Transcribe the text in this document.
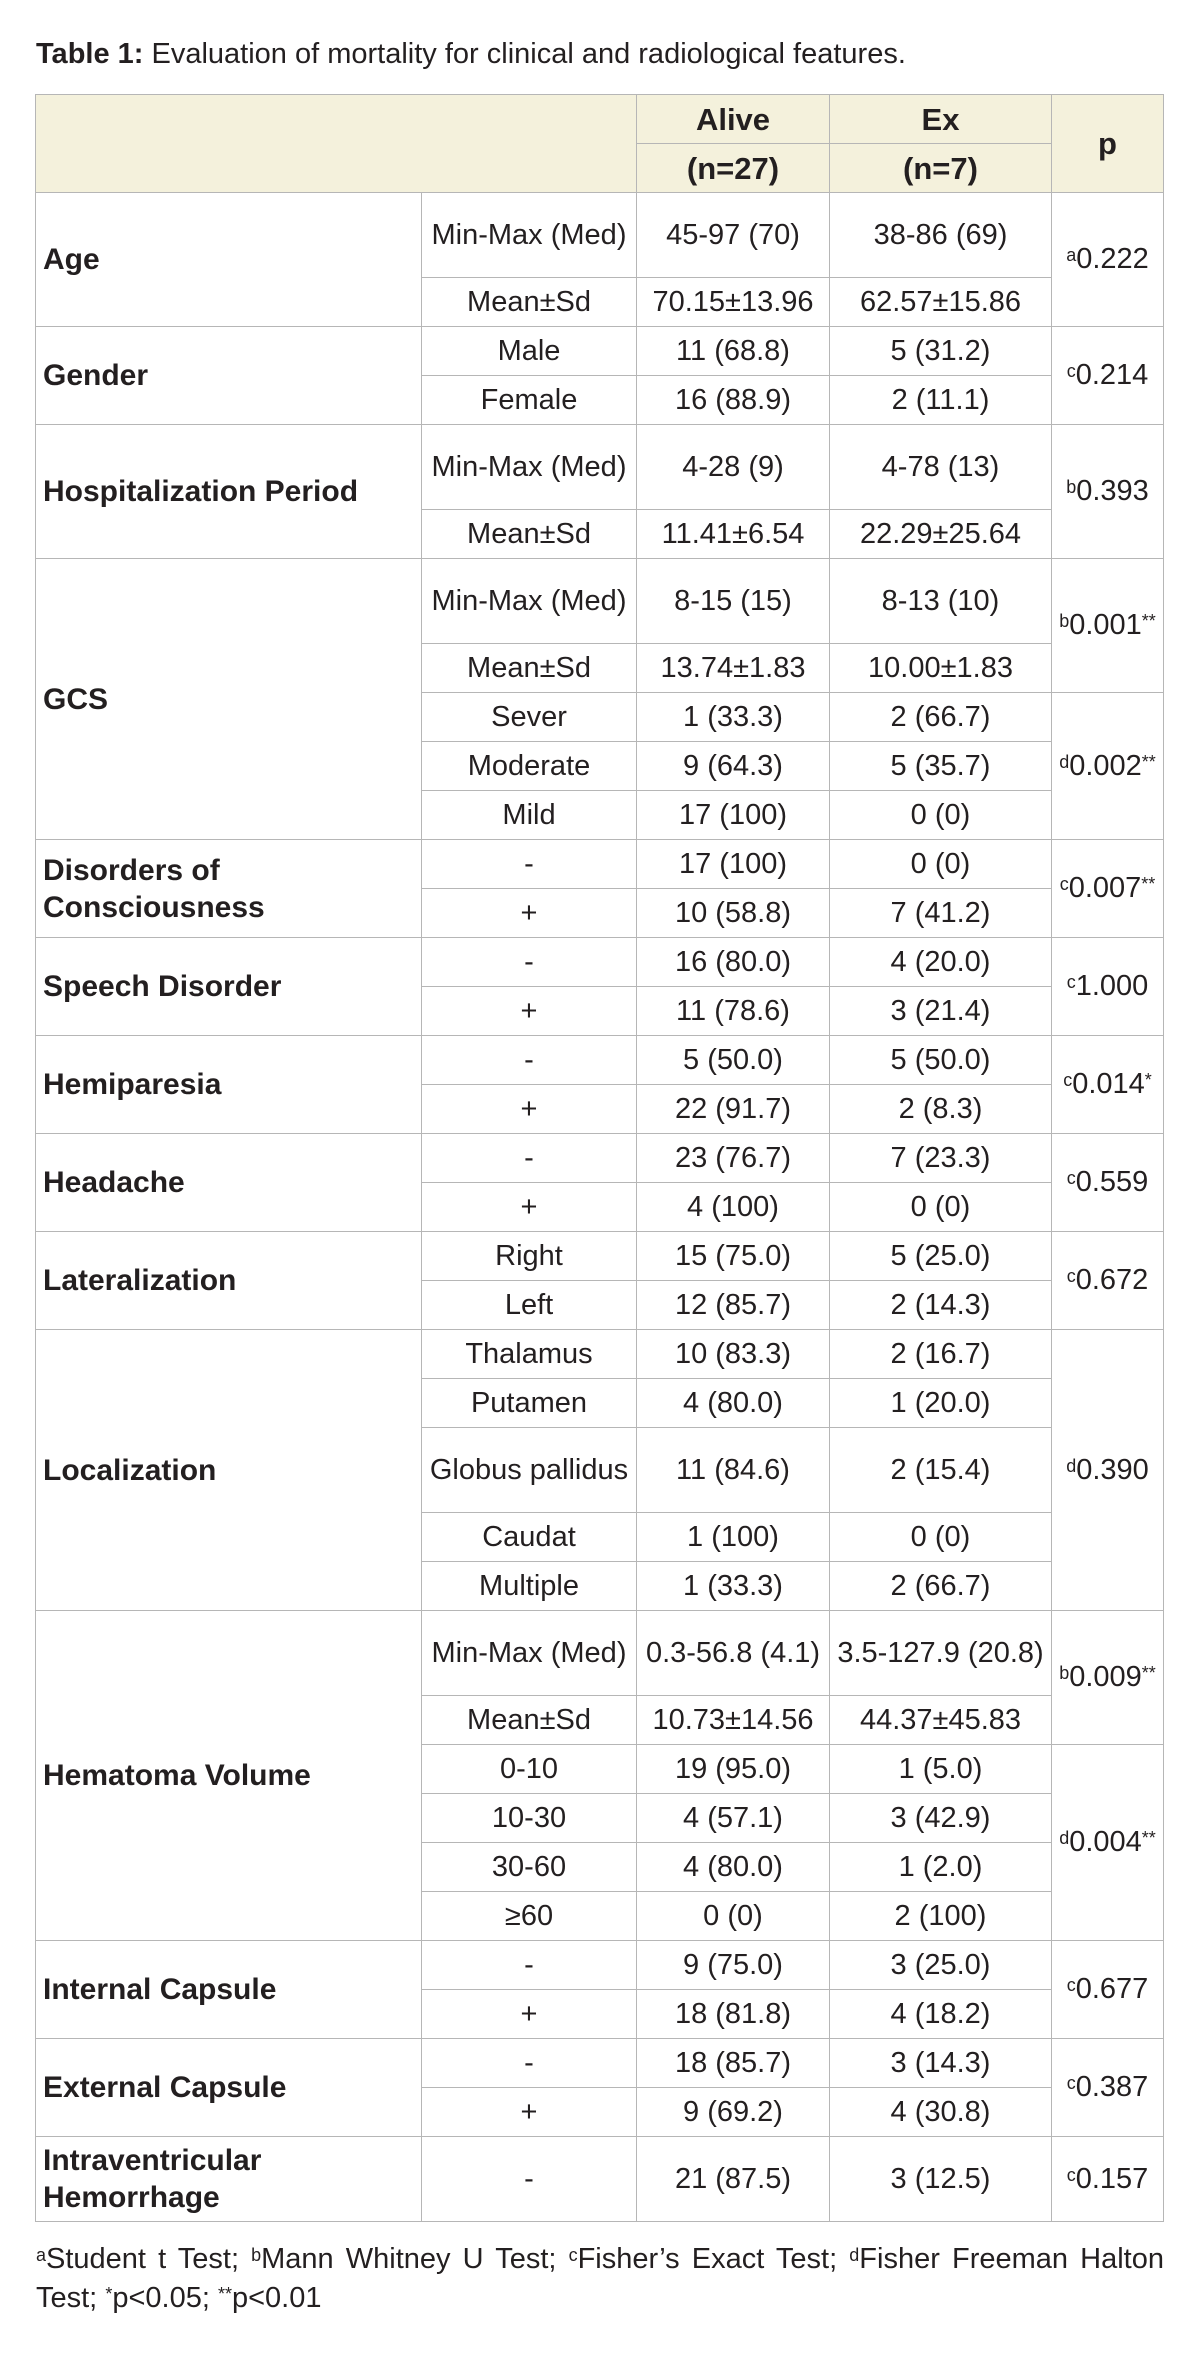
Table 1: Evaluation of mortality for clinical and radiological features.
		Alive	Ex	p
		(n=27)	(n=7)	
Age	Min-Max (Med)	45-97 (70)	38-86 (69)	$^a$0.222
	Mean±Sd	70.15±13.96	62.57±15.86	
Gender	Male	11 (68.8)	5 (31.2)	$^c$0.214
	Female	16 (88.9)	2 (11.1)	
Hospitalization Period	Min-Max (Med)	4-28 (9)	4-78 (13)	$^b$0.393
	Mean±Sd	11.41±6.54	22.29±25.64	
GCS	Min-Max (Med)	8-15 (15)	8-13 (10)	$^b$0.001**
	Mean±Sd	13.74±1.83	10.00±1.83	
	Sever	1 (33.3)	2 (66.7)	$^d$0.002**
	Moderate	9 (64.3)	5 (35.7)	
	Mild	17 (100)	0 (0)	
Disorders of Consciousness	-	17 (100)	0 (0)	$^c$0.007**
	+	10 (58.8)	7 (41.2)	
Speech Disorder	-	16 (80.0)	4 (20.0)	$^c$1.000
	+	11 (78.6)	3 (21.4)	
Hemiparesia	-	5 (50.0)	5 (50.0)	$^c$0.014*
	+	22 (91.7)	2 (8.3)	
Headache	-	23 (76.7)	7 (23.3)	$^c$0.559
	+	4 (100)	0 (0)	
Lateralization	Right	15 (75.0)	5 (25.0)	$^c$0.672
	Left	12 (85.7)	2 (14.3)	
Localization	Thalamus	10 (83.3)	2 (16.7)	$^d$0.390
	Putamen	4 (80.0)	1 (20.0)	
	Globus pallidus	11 (84.6)	2 (15.4)	
	Caudat	1 (100)	0 (0)	
	Multiple	1 (33.3)	2 (66.7)	
Hematoma Volume	Min-Max (Med)	0.3-56.8 (4.1)	3.5-127.9 (20.8)	$^b$0.009**
	Mean±Sd	10.73±14.56	44.37±45.83	
	0-10	19 (95.0)	1 (5.0)	$^d$0.004**
	10-30	4 (57.1)	3 (42.9)	
	30-60	4 (80.0)	1 (2.0)	
	≥60	0 (0)	2 (100)	
Internal Capsule	-	9 (75.0)	3 (25.0)	$^c$0.677
	+	18 (81.8)	4 (18.2)	
External Capsule	-	18 (85.7)	3 (14.3)	$^c$0.387
	+	9 (69.2)	4 (30.8)	
Intraventricular Hemorrhage	-	21 (87.5)	3 (12.5)	$^c$0.157
$^a$Student t Test; $^b$Mann Whitney U Test; $^c$Fisher’s Exact Test; $^d$Fisher Freeman Halton Test; *p<0.05; **p<0.01
